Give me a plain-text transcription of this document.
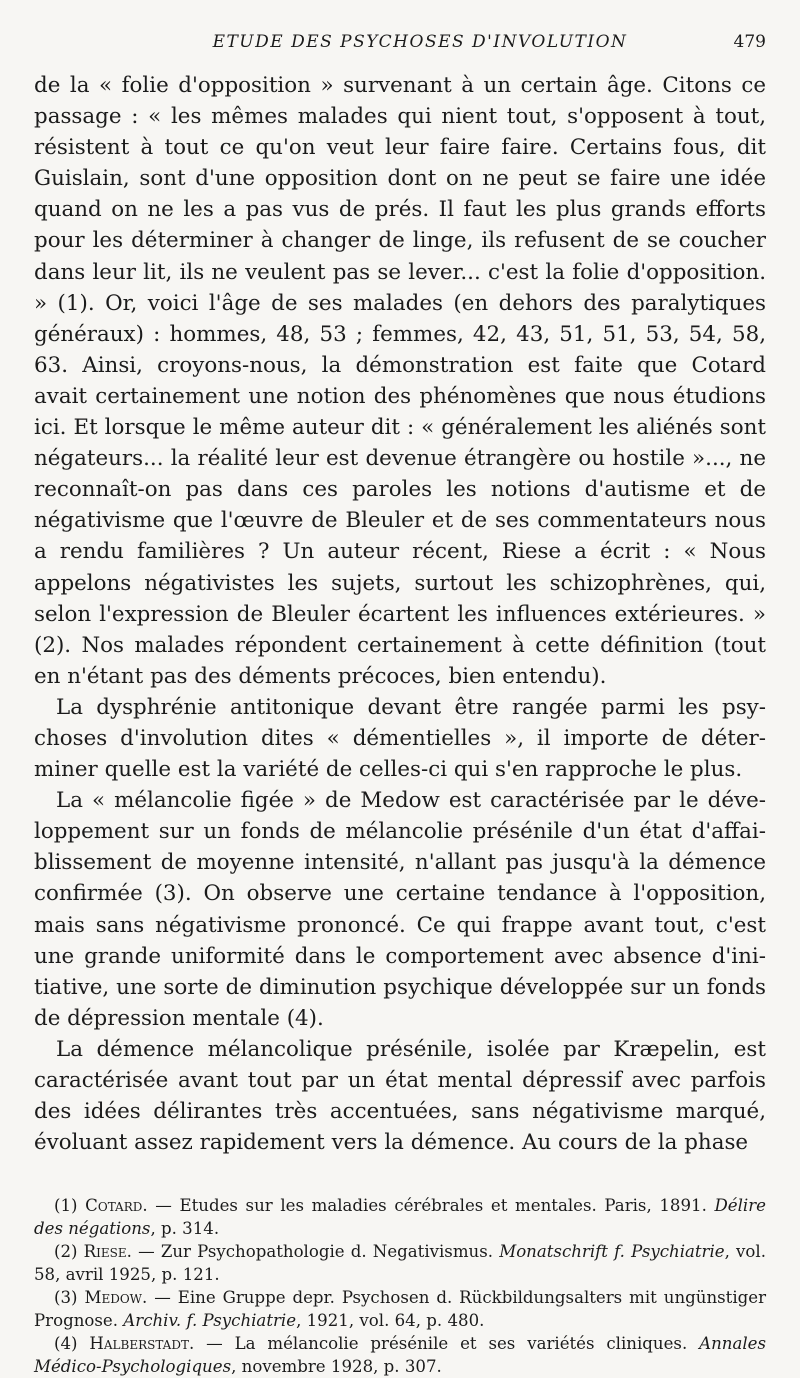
ETUDE DES PSYCHOSES D'INVOLUTION	479

de la « folie d'opposition » survenant à un certain âge. Citons ce passage : « les mêmes malades qui nient tout, s'opposent à tout, résistent à tout ce qu'on veut leur faire faire. Certains fous, dit Guislain, sont d'une opposition dont on ne peut se faire une idée quand on ne les a pas vus de prés. Il faut les plus grands efforts pour les déterminer à changer de linge, ils refusent de se coucher dans leur lit, ils ne veulent pas se lever... c'est la folie d'opposition. » (1). Or, voici l'âge de ses malades (en dehors des paralytiques généraux) : hommes, 48, 53 ; femmes, 42, 43, 51, 51, 53, 54, 58, 63. Ainsi, croyons-nous, la démonstration est faite que Cotard avait certainement une notion des phénomènes que nous étudions ici. Et lorsque le même auteur dit : « généralement les aliénés sont négateurs... la réalité leur est devenue étrangère ou hostile »..., ne reconnaît-on pas dans ces paroles les notions d'autisme et de négativisme que l'œuvre de Bleuler et de ses commentateurs nous a rendu familières ? Un auteur récent, Riese a écrit : « Nous appelons négativistes les sujets, surtout les schizophrènes, qui, selon l'expression de Bleuler écartent les influences extérieures. » (2). Nos malades répondent certainement à cette définition (tout en n'étant pas des déments précoces, bien entendu).

La dysphrénie antitonique devant être rangée parmi les psychoses d'involution dites « démentielles », il importe de déterminer quelle est la variété de celles-ci qui s'en rapproche le plus.

La « mélancolie figée » de Medow est caractérisée par le développement sur un fonds de mélancolie présénile d'un état d'affaiblissement de moyenne intensité, n'allant pas jusqu'à la démence confirmée (3). On observe une certaine tendance à l'opposition, mais sans négativisme prononcé. Ce qui frappe avant tout, c'est une grande uniformité dans le comportement avec absence d'initiative, une sorte de diminution psychique développée sur un fonds de dépression mentale (4).

La démence mélancolique présénile, isolée par Kræpelin, est caractérisée avant tout par un état mental dépressif avec parfois des idées délirantes très accentuées, sans négativisme marqué, évoluant assez rapidement vers la démence. Au cours de la phase

(1) Cotard. — Etudes sur les maladies cérébrales et mentales. Paris, 1891. Délire des négations, p. 314.

(2) Riese. — Zur Psychopathologie d. Negativismus. Monatschrift f. Psychiatrie, vol. 58, avril 1925, p. 121.

(3) Medow. — Eine Gruppe depr. Psychosen d. Rückbildungsalters mit ungünstiger Prognose. Archiv. f. Psychiatrie, 1921, vol. 64, p. 480.

(4) Halberstadt. — La mélancolie présénile et ses variétés cliniques. Annales Médico-Psychologiques, novembre 1928, p. 307.
